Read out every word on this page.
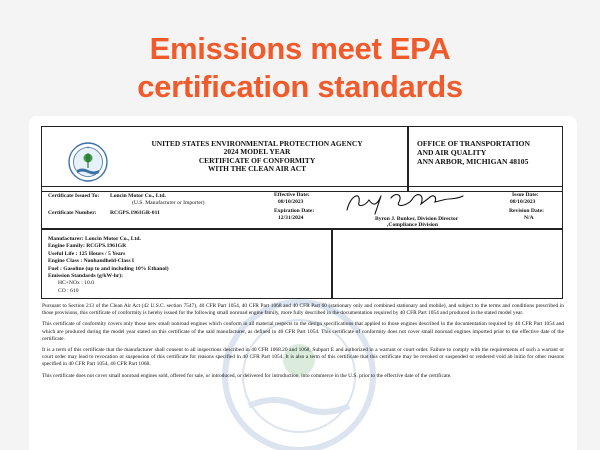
Emissions meet EPA
certification standards
UNITED STATES ENVIRONMENTAL PROTECTION AGENCY
2024 MODEL YEAR
CERTIFICATE OF CONFORMITY
WITH THE CLEAN AIR ACT
OFFICE OF TRANSPORTATION
AND AIR QUALITY
ANN ARBOR, MICHIGAN 48105
Certificate Issued To: Loncin Motor Co., Ltd.
(U.S. Manufacturer or Importer)
Certificate Number: RCGPS.1961GR-011
Effective Date:
08/10/2023
Expiration Date:
12/31/2024	Byron J. Bunker, Division Director
,Compliance Division
Issue Date:
08/10/2023
Revision Date:
N/A
Manufacturer: Loncin Motor Co., Ltd.
Engine Family: RCGPS.1961GR
Useful Life : 125 Hours / 5 Years
Engine Class : Nonhandheld-Class I
Fuel : Gasoline (up to and including 10% Ethanol)
Emission Standards (g/kW-hr):
HC+NOx : 10.0
CO : 610

Pursuant to Section 213 of the Clean Air Act (42 U.S.C. section 7547), 40 CFR Part 1054, 40 CFR Part 1068 and 40 CFR Part 60 (stationary only and combined stationary and mobile), and subject to the terms and conditions prescribed in those provisions, this certificate of conformity is hereby issued for the following small nonroad engine family, more fully described in the documentation required by 40 CFR Part 1054 and produced in the stated model year.

This certificate of conformity covers only those new small nonroad engines which conform in all material respects to the design specifications that applied to those engines described in the documentation required by 40 CFR Part 1054 and which are produced during the model year stated on this certificate of the said manufacturer, as defined in 40 CFR Part 1054. This certificate of conformity does not cover small nonroad engines imported prior to the effective date of the certificate.

It is a term of this certificate that the manufacturer shall consent to all inspections described in 40 CFR 1068.20 and 1068, Subpart E and authorized in a warrant or court order. Failure to comply with the requirements of such a warrant or court order may lead to revocation or suspension of this certificate for reasons specified in 40 CFR Part 1054. It is also a term of this certificate that this certificate may be revoked or suspended or rendered void ab initio for other reasons specified in 40 CFR Part 1054, 40 CFR Part 1068.

This certificate does not cover small nonroad engines sold, offered for sale, or introduced, or delivered for introduction, into commerce in the U.S. prior to the effective date of the certificate.
